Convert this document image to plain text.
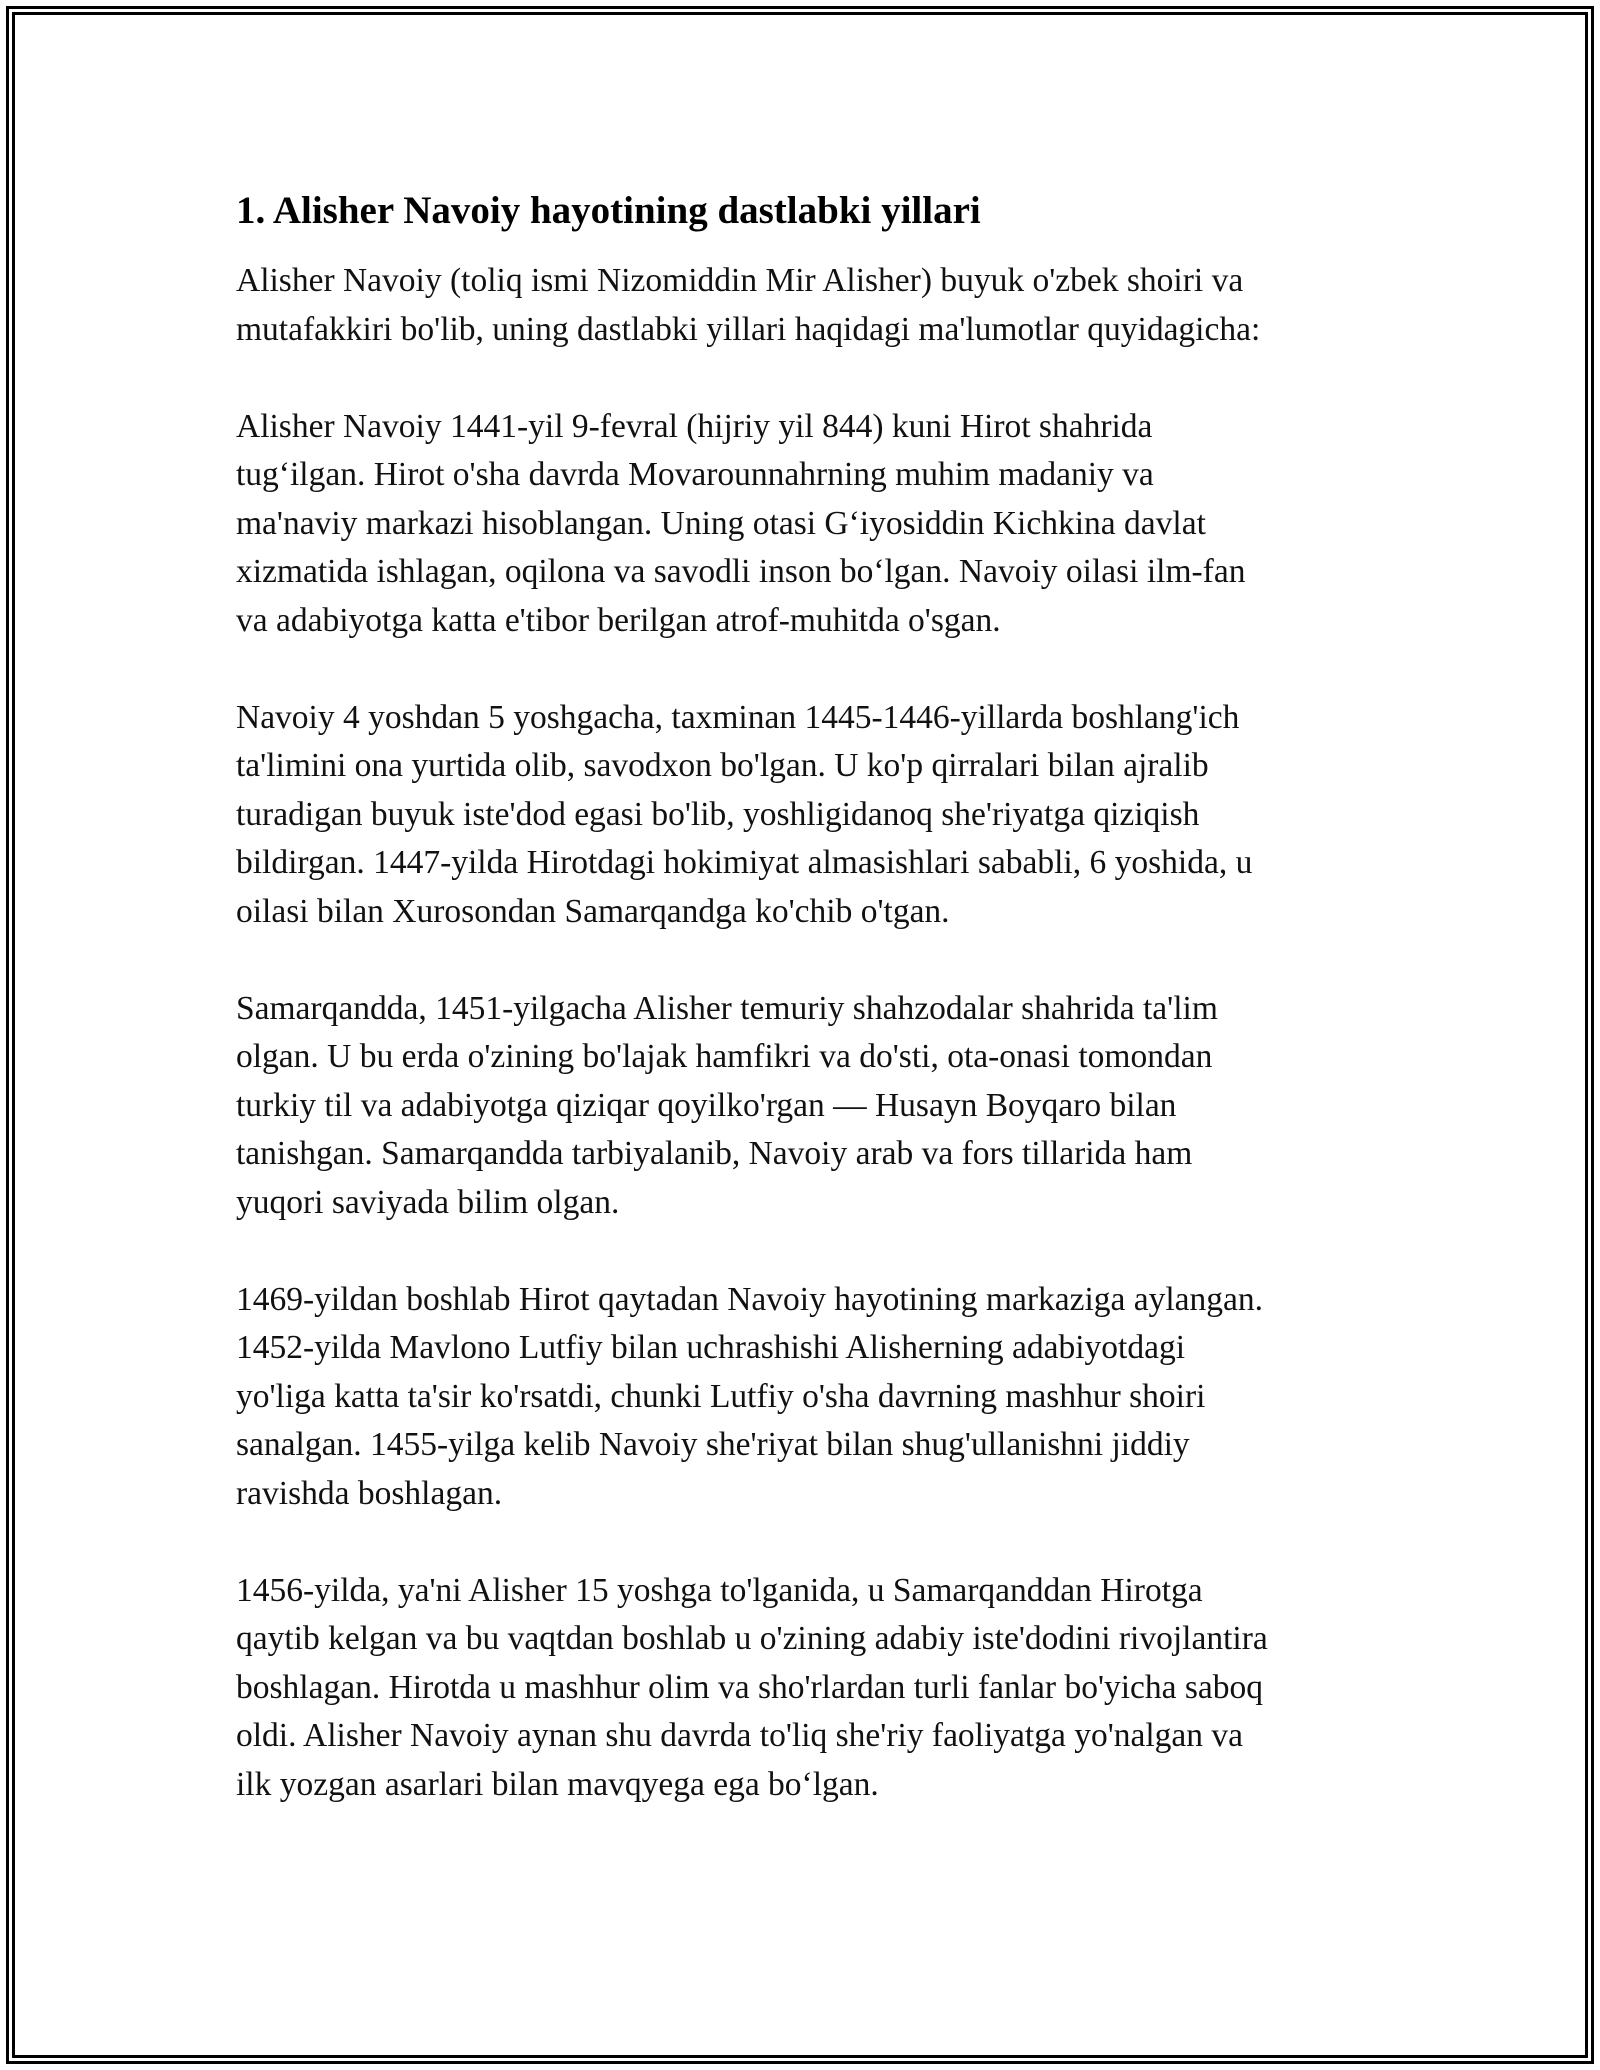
1. Alisher Navoiy hayotining dastlabki yillari

Alisher Navoiy (toliq ismi Nizomiddin Mir Alisher) buyuk o'zbek shoiri va
mutafakkiri bo'lib, uning dastlabki yillari haqidagi ma'lumotlar quyidagicha:

Alisher Navoiy 1441-yil 9-fevral (hijriy yil 844) kuni Hirot shahrida
tug‘ilgan. Hirot o'sha davrda Movarounnahrning muhim madaniy va
ma'naviy markazi hisoblangan. Uning otasi G‘iyosiddin Kichkina davlat
xizmatida ishlagan, oqilona va savodli inson bo‘lgan. Navoiy oilasi ilm-fan
va adabiyotga katta e'tibor berilgan atrof-muhitda o'sgan.

Navoiy 4 yoshdan 5 yoshgacha, taxminan 1445-1446-yillarda boshlang'ich
ta'limini ona yurtida olib, savodxon bo'lgan. U ko'p qirralari bilan ajralib
turadigan buyuk iste'dod egasi bo'lib, yoshligidanoq she'riyatga qiziqish
bildirgan. 1447-yilda Hirotdagi hokimiyat almasishlari sababli, 6 yoshida, u
oilasi bilan Xurosondan Samarqandga ko'chib o'tgan.

Samarqandda, 1451-yilgacha Alisher temuriy shahzodalar shahrida ta'lim
olgan. U bu erda o'zining bo'lajak hamfikri va do'sti, ota-onasi tomondan
turkiy til va adabiyotga qiziqar qoyilko'rgan — Husayn Boyqaro bilan
tanishgan. Samarqandda tarbiyalanib, Navoiy arab va fors tillarida ham
yuqori saviyada bilim olgan.

1469-yildan boshlab Hirot qaytadan Navoiy hayotining markaziga aylangan.
1452-yilda Mavlono Lutfiy bilan uchrashishi Alisherning adabiyotdagi
yo'liga katta ta'sir ko'rsatdi, chunki Lutfiy o'sha davrning mashhur shoiri
sanalgan. 1455-yilga kelib Navoiy she'riyat bilan shug'ullanishni jiddiy
ravishda boshlagan.

1456-yilda, ya'ni Alisher 15 yoshga to'lganida, u Samarqanddan Hirotga
qaytib kelgan va bu vaqtdan boshlab u o'zining adabiy iste'dodini rivojlantira
boshlagan. Hirotda u mashhur olim va sho'rlardan turli fanlar bo'yicha saboq
oldi. Alisher Navoiy aynan shu davrda to'liq she'riy faoliyatga yo'nalgan va
ilk yozgan asarlari bilan mavqyega ega bo‘lgan.
